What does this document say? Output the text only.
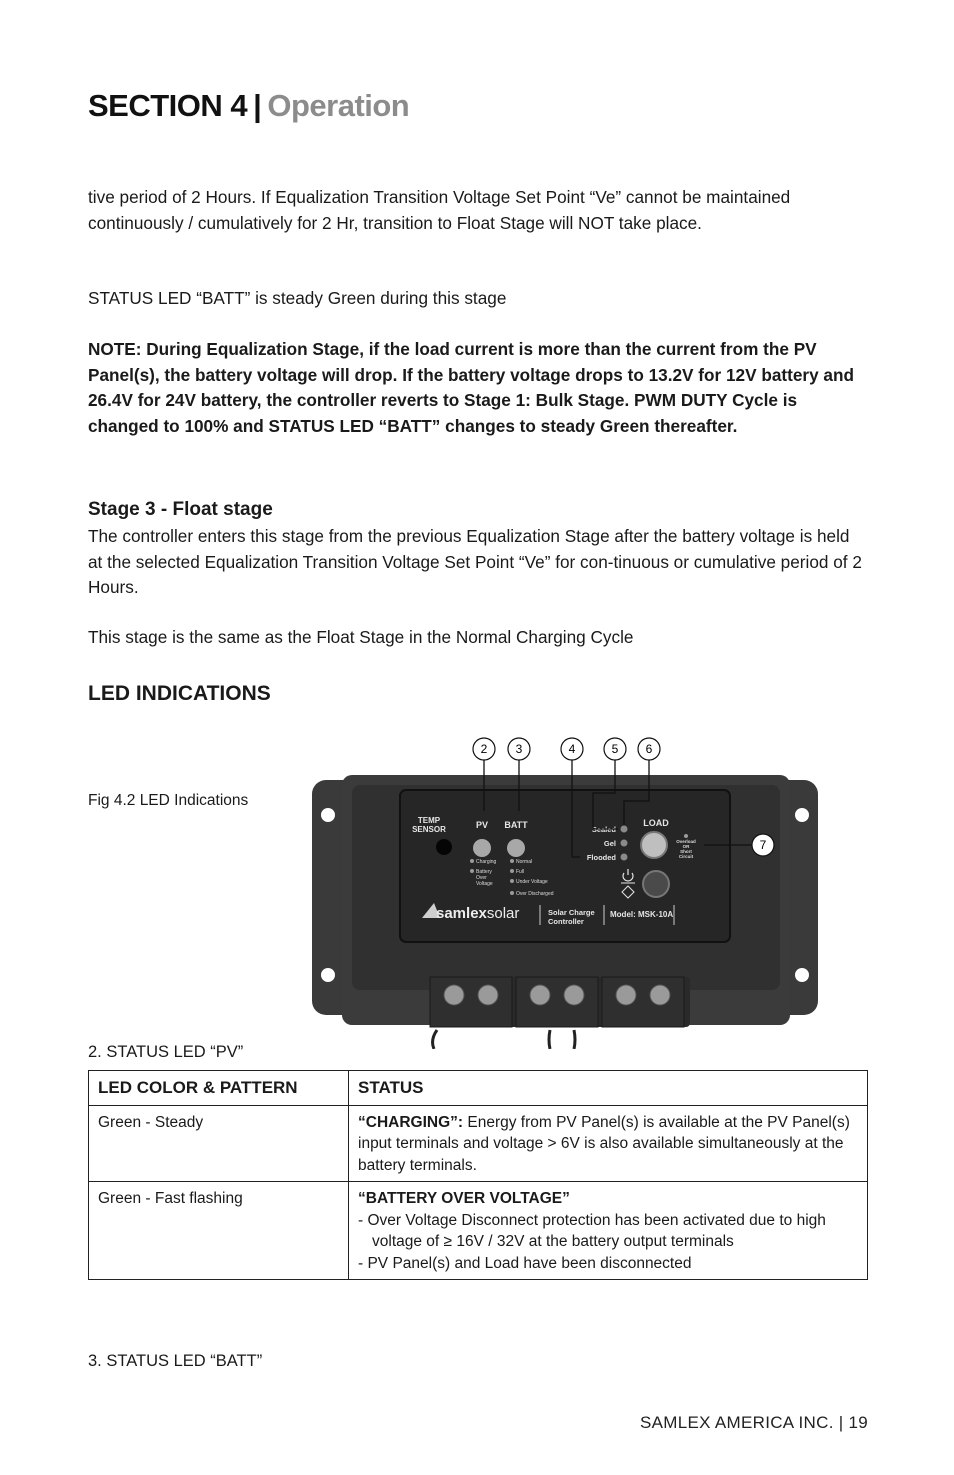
SECTION 4 | Operation
tive period of 2 Hours. If Equalization Transition Voltage Set Point “Ve” cannot be maintained continuously / cumulatively for 2 Hr, transition to Float Stage will NOT take place.
STATUS LED “BATT” is steady Green during this stage
NOTE: During Equalization Stage, if the load current is more than the current from the PV Panel(s), the battery voltage will drop. If the battery voltage drops to 13.2V for 12V battery and 26.4V for 24V battery, the controller reverts to Stage 1: Bulk Stage. PWM DUTY Cycle is changed to 100% and STATUS LED “BATT” changes to steady Green thereafter.
Stage 3 - Float stage
The controller enters this stage from the previous Equalization Stage after the battery voltage is held at the selected Equalization Transition Voltage Set Point “Ve” for con-tinuous or cumulative period of 2 Hours.
This stage is the same as the Float Stage in the Normal Charging Cycle
LED INDICATIONS
Fig 4.2 LED Indications
TEMP
SENSOR	PV BATT
Charging
Battery
Over
Voltage
Normal
Full
Under Voltage
Over Discharged
Sealed
Gel
Flooded
LOAD
Overload
OR
Short
Circuit
samlexsolar	Solar Charge
Controller
Model: MSK-10A
2 3	4	5 6
7
2. STATUS LED “PV”
LED COLOR & PATTERN	STATUS
Green - Steady	“CHARGING”: Energy from PV Panel(s) is available at the PV Panel(s) input terminals and voltage > 6V is also available simultaneously at the battery terminals.
Green - Fast flashing	“BATTERY OVER VOLTAGE”
- Over Voltage Disconnect protection has been activated due to high voltage of ≥ 16V / 32V at the battery output terminals
- PV Panel(s) and Load have been disconnected
3. STATUS LED “BATT”
SAMLEX AMERICA INC. | 19
